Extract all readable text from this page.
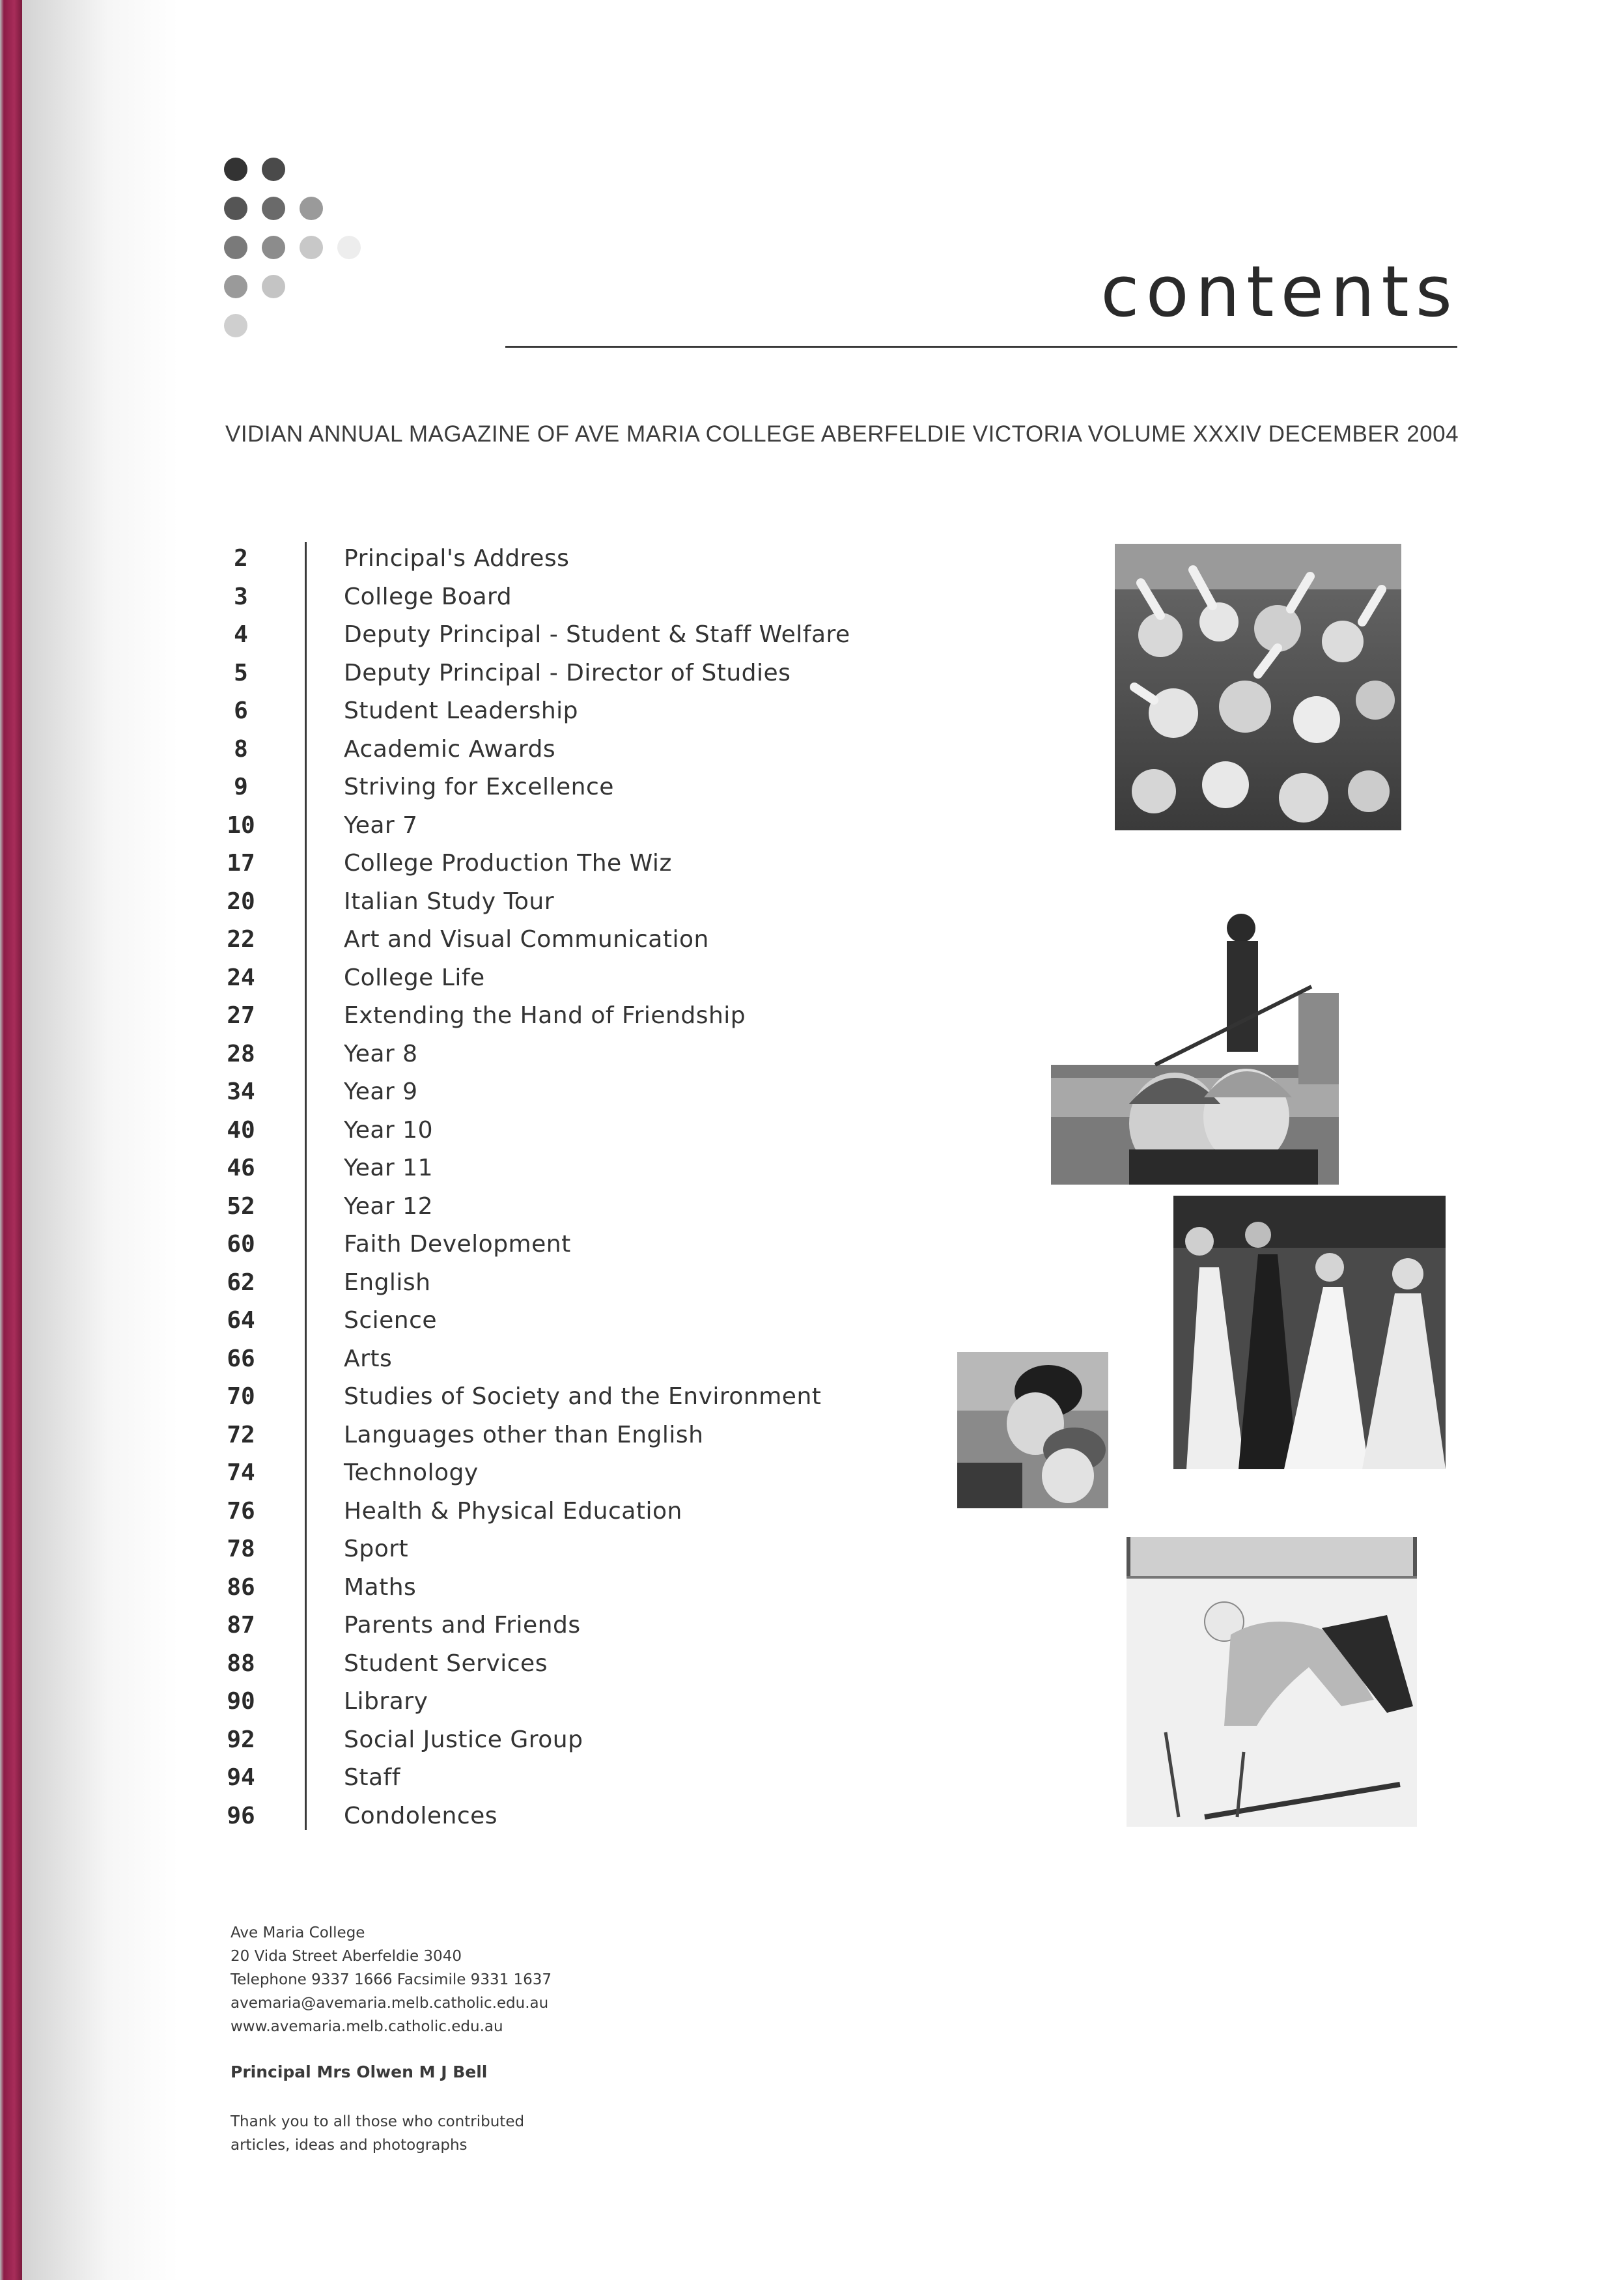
contents
VIDIAN ANNUAL MAGAZINE OF AVE MARIA COLLEGE ABERFELDIE VICTORIA VOLUME XXXIV DECEMBER 2004
2	Principal's Address
3	College Board
4	Deputy Principal - Student & Staff Welfare
5	Deputy Principal - Director of Studies
6	Student Leadership
8	Academic Awards
9	Striving for Excellence
10	Year 7
17	College Production The Wiz
20	Italian Study Tour
22	Art and Visual Communication
24	College Life
27	Extending the Hand of Friendship
28	Year 8
34	Year 9
40	Year 10
46	Year 11
52	Year 12
60	Faith Development
62	English
64	Science
66	Arts
70	Studies of Society and the Environment
72	Languages other than English
74	Technology
76	Health & Physical Education
78	Sport
86	Maths
87	Parents and Friends
88	Student Services
90	Library
92	Social Justice Group
94	Staff
96	Condolences
Ave Maria College
20 Vida Street Aberfeldie 3040
Telephone 9337 1666 Facsimile 9331 1637
avemaria@avemaria.melb.catholic.edu.au
www.avemaria.melb.catholic.edu.au
Principal Mrs Olwen M J Bell
Thank you to all those who contributed
articles, ideas and photographs
